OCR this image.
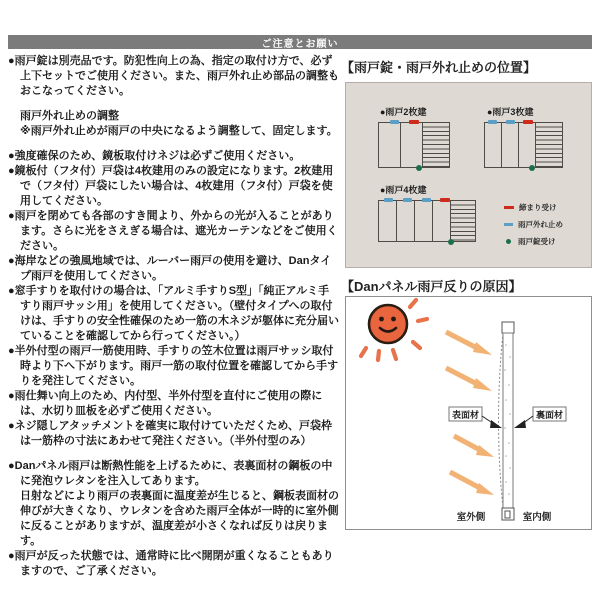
ご注意とお願い

●雨戸錠は別売品です。防犯性向上の為、指定の取付け方で、必ず上下セットでご使用ください。また、雨戸外れ止め部品の調整もおこなってください。

雨戸外れ止めの調整

※雨戸外れ止めが雨戸の中央になるよう調整して、固定します。

●強度確保のため、鏡板取付けネジは必ずご使用ください。

●鏡板付（フタ付）戸袋は4枚建用のみの設定になります。2枚建用で（フタ付）戸袋にしたい場合は、4枚建用（フタ付）戸袋を使用してください。

●雨戸を閉めても各部のすき間より、外からの光が入ることがあります。さらに光をさえぎる場合は、遮光カーテンなどをご使用ください。

●海岸などの強風地域では、ルーバー雨戸の使用を避け、Danタイプ雨戸を使用してください。

●窓手すりを取付けの場合は、「アルミ手すりS型」「純正アルミ手すり雨戸サッシ用」を使用してください。（壁付タイプへの取付けは、手すりの安全性確保のため一筋の木ネジが躯体に充分届いていることを確認してから行ってください。）

●半外付型の雨戸一筋使用時、手すりの笠木位置は雨戸サッシ取付時より下へ下がります。雨戸一筋の取付位置を確認してから手すりを発注してください。

●雨仕舞い向上のため、内付型、半外付型を直付にご使用の際には、水切り皿板を必ずご使用ください。

●ネジ隠しアタッチメントを確実に取付けていただくため、戸袋枠は一筋枠の寸法にあわせて発注ください。（半外付型のみ）

●Danパネル雨戸は断熱性能を上げるために、表裏面材の鋼板の中に発泡ウレタンを注入してあります。

日射などにより雨戸の表裏面に温度差が生じると、鋼板表面材の伸びが大きくなり、ウレタンを含めた雨戸全体が一時的に室外側に反ることがありますが、温度差が小さくなれば反りは戻ります。

●雨戸が反った状態では、通常時に比べ開閉が重くなることもありますので、ご了承ください。

【雨戸錠・雨戸外れ止めの位置】
●雨戸2枚建	●雨戸3枚建
●雨戸4枚建
締まり受け
雨戸外れ止め
雨戸錠受け
【Danパネル雨戸反りの原因】
表面材	裏面材
室外側	室内側
